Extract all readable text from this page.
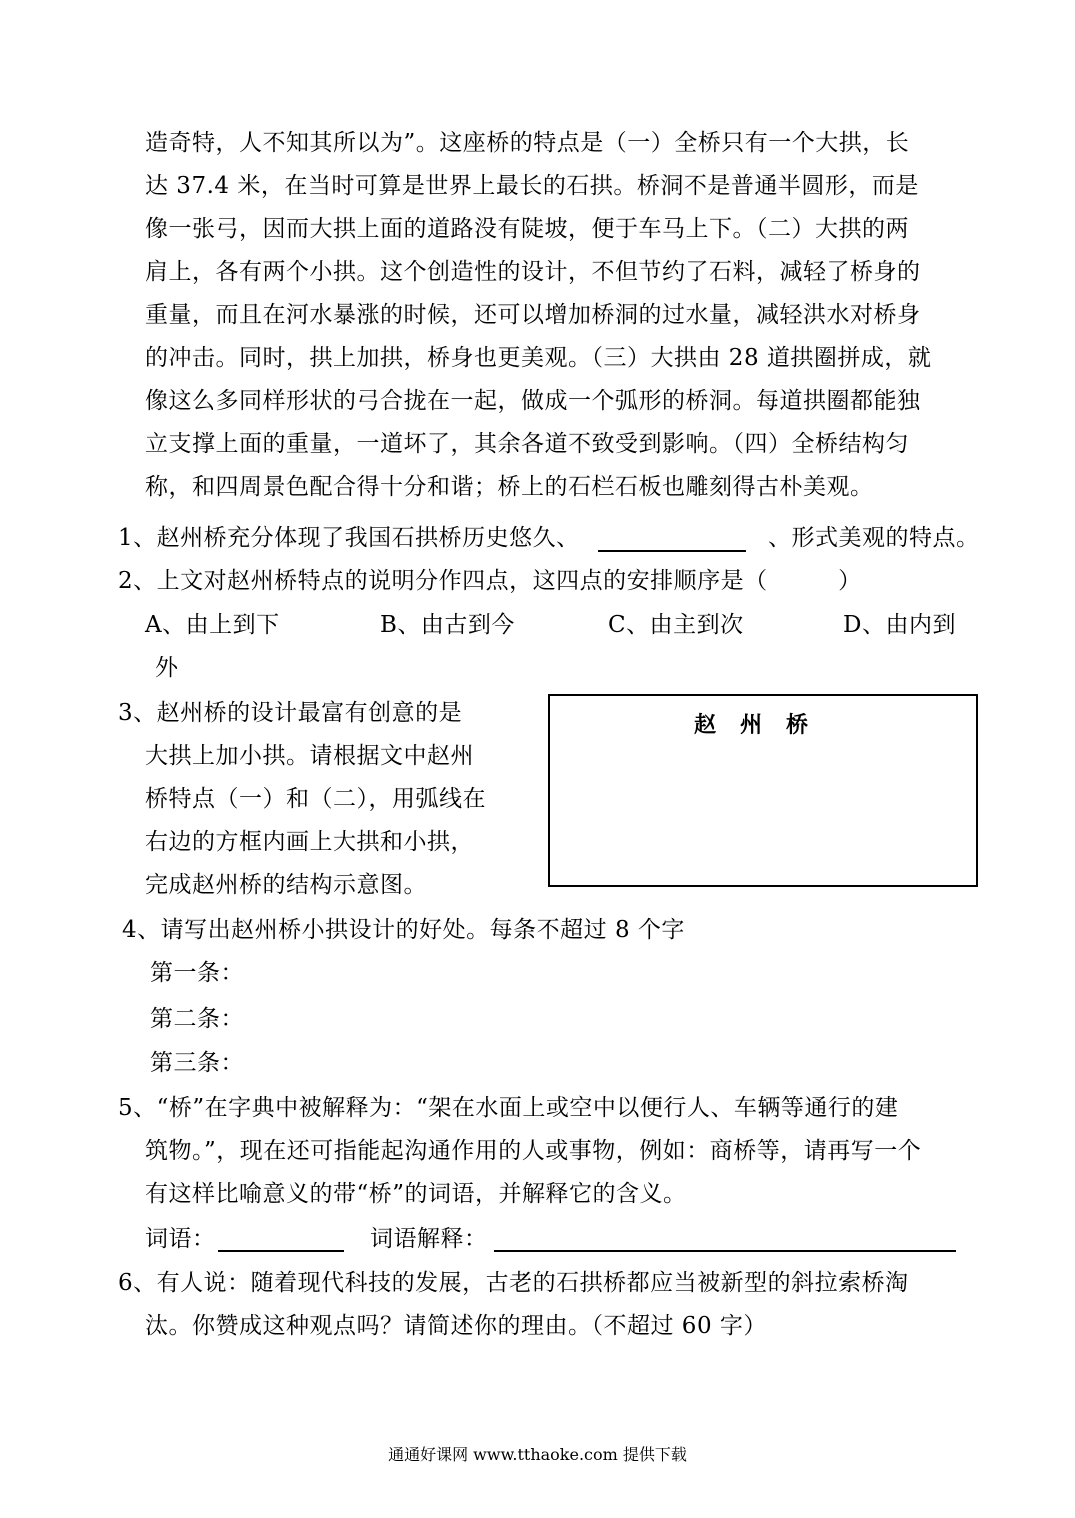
造奇特，人不知其所以为”。这座桥的特点是（一）全桥只有一个大拱，长
达 37.4 米，在当时可算是世界上最长的石拱。桥洞不是普通半圆形，而是
像一张弓，因而大拱上面的道路没有陡坡，便于车马上下。（二）大拱的两
肩上，各有两个小拱。这个创造性的设计，不但节约了石料，减轻了桥身的
重量，而且在河水暴涨的时候，还可以增加桥洞的过水量，减轻洪水对桥身
的冲击。同时，拱上加拱，桥身也更美观。（三）大拱由 28 道拱圈拼成，就
像这么多同样形状的弓合拢在一起，做成一个弧形的桥洞。每道拱圈都能独
立支撑上面的重量，一道坏了，其余各道不致受到影响。（四）全桥结构匀
称，和四周景色配合得十分和谐；桥上的石栏石板也雕刻得古朴美观。
1、赵州桥充分体现了我国石拱桥历史悠久、	、形式美观的特点。
2、上文对赵州桥特点的说明分作四点，这四点的安排顺序是（　　　）
A、由上到下	B、由古到今	C、由主到次	D、由内到
外
3、赵州桥的设计最富有创意的是
大拱上加小拱。请根据文中赵州
桥特点（一）和（二），用弧线在
右边的方框内画上大拱和小拱，
完成赵州桥的结构示意图。
赵州桥
4、请写出赵州桥小拱设计的好处。每条不超过 8 个字
第一条：
第二条：
第三条：
5、“桥”在字典中被解释为：“架在水面上或空中以便行人、车辆等通行的建
筑物。”，现在还可指能起沟通作用的人或事物，例如：商桥等，请再写一个
有这样比喻意义的带“桥”的词语，并解释它的含义。
词语：	词语解释：
6、有人说：随着现代科技的发展，古老的石拱桥都应当被新型的斜拉索桥淘
汰。你赞成这种观点吗？请简述你的理由。（不超过 60 字）
通通好课网 www.tthaoke.com 提供下载
